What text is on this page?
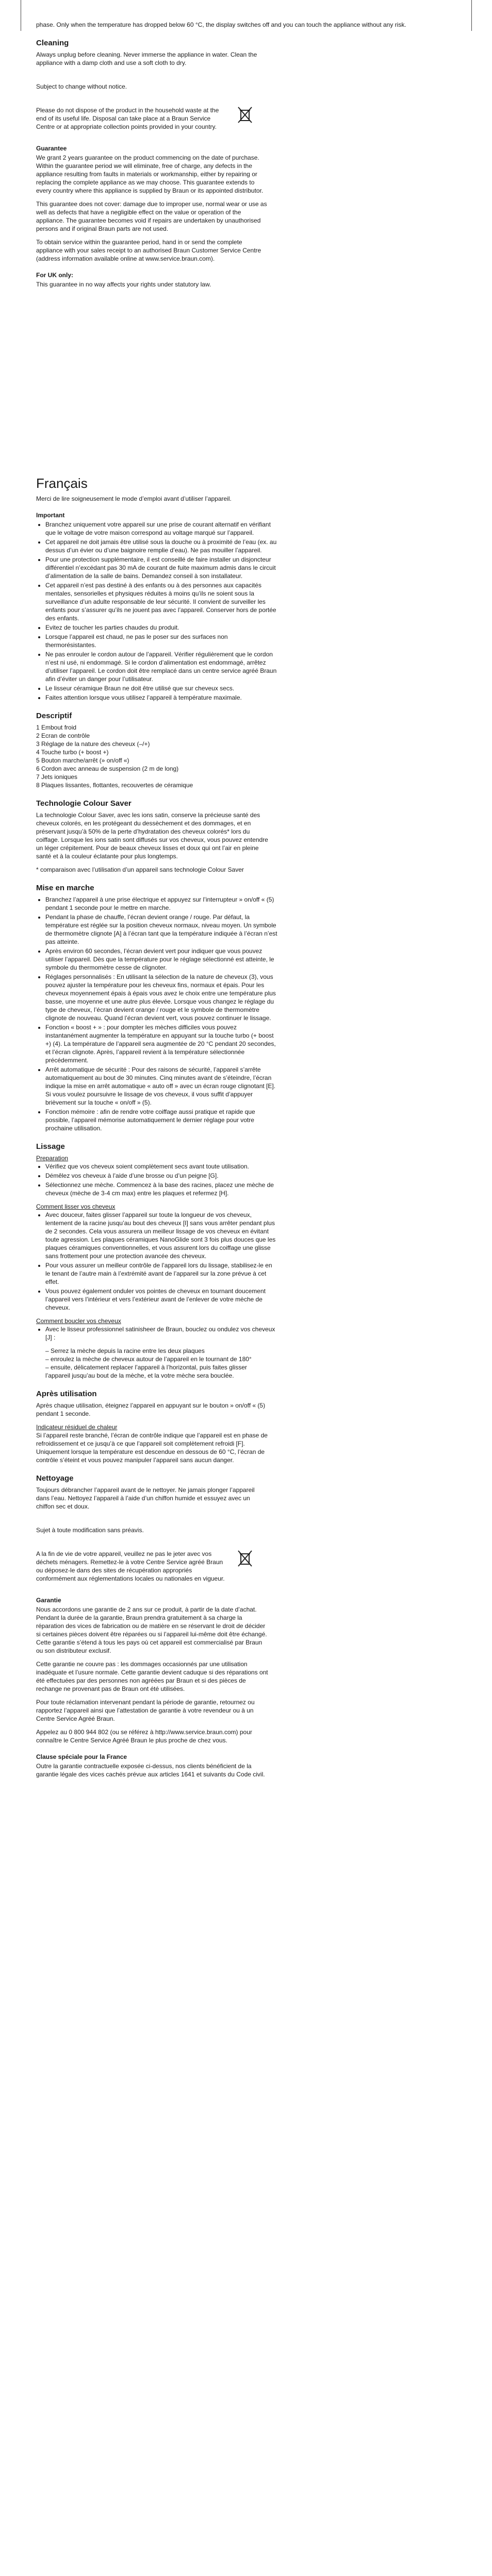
phase. Only when the temperature has dropped below 60 °C, the display switches off and you can touch the appliance without any risk.

Cleaning

Always unplug before cleaning. Never immerse the appliance in water. Clean the appliance with a damp cloth and use a soft cloth to dry.

Subject to change without notice.

Please do not dispose of the product in the household waste at the end of its useful life. Disposal can take place at a Braun Service Centre or at appropriate collection points provided in your country.

Guarantee

We grant 2 years guarantee on the product commencing on the date of purchase. Within the guarantee period we will eliminate, free of charge, any defects in the appliance resulting from faults in materials or workmanship, either by repairing or replacing the complete appliance as we may choose. This guarantee extends to every country where this appliance is supplied by Braun or its appointed distributor.

This guarantee does not cover: damage due to improper use, normal wear or use as well as defects that have a negligible effect on the value or operation of the appliance. The guarantee becomes void if repairs are undertaken by unauthorised persons and if original Braun parts are not used.

To obtain service within the guarantee period, hand in or send the complete appliance with your sales receipt to an authorised Braun Customer Service Centre (address information available online at www.service.braun.com).

For UK only:

This guarantee in no way affects your rights under statutory law.

Français

Merci de lire soigneusement le mode d’emploi avant d’utiliser l’appareil.

Important
• Branchez uniquement votre appareil sur une prise de courant alternatif en vérifiant que le voltage de votre maison correspond au voltage marqué sur l’appareil.
• Cet appareil ne doit jamais être utilisé sous la douche ou à proximité de l’eau (ex. au dessus d’un évier ou d’une baignoire remplie d’eau). Ne pas mouiller l’appareil.
• Pour une protection supplémentaire, il est conseillé de faire installer un disjoncteur différentiel n’excédant pas 30 mA de courant de fuite maximum admis dans le circuit d’alimentation de la salle de bains. Demandez conseil à son installateur.
• Cet appareil n’est pas destiné à des enfants ou à des personnes aux capacités mentales, sensorielles et physiques réduites à moins qu’ils ne soient sous la surveillance d’un adulte responsable de leur sécurité. Il convient de surveiller les enfants pour s’assurer qu’ils ne jouent pas avec l’appareil. Conserver hors de portée des enfants.
• Evitez de toucher les parties chaudes du produit.
• Lorsque l’appareil est chaud, ne pas le poser sur des surfaces non thermorésistantes.
• Ne pas enrouler le cordon autour de l’appareil. Vérifier régulièrement que le cordon n’est ni usé, ni endommagé. Si le cordon d’alimentation est endommagé, arrêtez d’utiliser l’appareil. Le cordon doit être remplacé dans un centre service agréé Braun afin d’éviter un danger pour l’utilisateur.
• Le lisseur céramique Braun ne doit être utilisé que sur cheveux secs.
• Faites attention lorsque vous utilisez l’appareil à température maximale.
Descriptif
1 Embout froid
2 Ecran de contrôle
3 Réglage de la nature des cheveux (–/+)
4 Touche turbo (+ boost +)
5 Bouton marche/arrêt (» on/off «)
6 Cordon avec anneau de suspension (2 m de long)
7 Jets ioniques
8 Plaques lissantes, flottantes, recouvertes de céramique
Technologie Colour Saver

La technologie Colour Saver, avec les ions satin, conserve la précieuse santé des cheveux colorés, en les protégeant du dessèchement et des dommages, et en préservant jusqu’à 50% de la perte d’hydratation des cheveux colorés* lors du coiffage. Lorsque les ions satin sont diffusés sur vos cheveux, vous pouvez entendre un léger crépitement. Pour de beaux cheveux lisses et doux qui ont l’air en pleine santé et à la couleur éclatante pour plus longtemps.

* comparaison avec l’utilisation d’un appareil sans technologie Colour Saver

Mise en marche
• Branchez l’appareil à une prise électrique et appuyez sur l’interrupteur » on/off « (5) pendant 1 seconde pour le mettre en marche.
• Pendant la phase de chauffe, l’écran devient orange / rouge. Par défaut, la température est réglée sur la position cheveux normaux, niveau moyen. Un symbole de thermomètre clignote [A] à l’écran tant que la température indiquée à l’écran n’est pas atteinte.
• Après environ 60 secondes, l’écran devient vert pour indiquer que vous pouvez utiliser l’appareil. Dès que la température pour le réglage sélectionné est atteinte, le symbole du thermomètre cesse de clignoter.
• Réglages personnalisés : En utilisant la sélection de la nature de cheveux (3), vous pouvez ajuster la température pour les cheveux fins, normaux et épais. Pour les cheveux moyennement épais à épais vous avez le choix entre une température plus basse, une moyenne et une autre plus élevée. Lorsque vous changez le réglage du type de cheveux, l’écran devient orange / rouge et le symbole de thermomètre clignote de nouveau. Quand l’écran devient vert, vous pouvez continuer le lissage.
• Fonction « boost + » : pour dompter les mèches difficiles vous pouvez instantanément augmenter la température en appuyant sur la touche turbo (+ boost +) (4). La température de l’appareil sera augmentée de 20 °C pendant 20 secondes, et l’écran clignote. Après, l’appareil revient à la température sélectionnée précédemment.
• Arrêt automatique de sécurité : Pour des raisons de sécurité, l’appareil s’arrête automatiquement au bout de 30 minutes. Cinq minutes avant de s’éteindre, l’écran indique la mise en arrêt automatique « auto off » avec un écran rouge clignotant [E]. Si vous voulez poursuivre le lissage de vos cheveux, il vous suffit d’appuyer brièvement sur la touche « on/off » (5).
• Fonction mémoire : afin de rendre votre coiffage aussi pratique et rapide que possible, l’appareil mémorise automatiquement le dernier réglage pour votre prochaine utilisation.
Lissage
Preparation
• Vérifiez que vos cheveux soient complètement secs avant toute utilisation.
• Démêlez vos cheveux à l’aide d’une brosse ou d’un peigne [G].
• Sélectionnez une mèche. Commencez à la base des racines, placez une mèche de cheveux (mèche de 3-4 cm max) entre les plaques et refermez [H].
Comment lisser vos cheveux
• Avec douceur, faites glisser l’appareil sur toute la longueur de vos cheveux, lentement de la racine jusqu’au bout des cheveux [I] sans vous arrêter pendant plus de 2 secondes. Cela vous assurera un meilleur lissage de vos cheveux en évitant toute agression. Les plaques céramiques NanoGlide sont 3 fois plus douces que les plaques céramiques conventionnelles, et vous assurent lors du coiffage une glisse sans frottement pour une protection avancée des cheveux.
• Pour vous assurer un meilleur contrôle de l’appareil lors du lissage, stabilisez-le en le tenant de l’autre main à l’extrémité avant de l’appareil sur la zone prévue à cet effet.
• Vous pouvez également onduler vos pointes de cheveux en tournant doucement l’appareil vers l’intérieur et vers l’extérieur avant de l’enlever de votre mèche de cheveux.
Comment boucler vos cheveux
• Avec le lisseur professionnel satinisheer de Braun, bouclez ou ondulez vos cheveux [J] :
– Serrez la mèche depuis la racine entre les deux plaques
– enroulez la mèche de cheveux autour de l’appareil en le tournant de 180°
– ensuite, délicatement replacer l’appareil à l’horizontal, puis faites glisser l’appareil jusqu’au bout de la mèche, et la votre mèche sera bouclée.
Après utilisation

Après chaque utilisation, éteignez l’appareil en appuyant sur le bouton » on/off « (5) pendant 1 seconde.

Indicateur résiduel de chaleur

Si l’appareil reste branché, l’écran de contrôle indique que l’appareil est en phase de refroidissement et ce jusqu’à ce que l’appareil soit complètement refroidi [F]. Uniquement lorsque la température est descendue en dessous de 60 °C, l’écran de contrôle s’éteint et vous pouvez manipuler l’appareil sans aucun danger.

Nettoyage

Toujours débrancher l’appareil avant de le nettoyer. Ne jamais plonger l’appareil dans l’eau. Nettoyez l’appareil à l’aide d’un chiffon humide et essuyez avec un chiffon sec et doux.

Sujet à toute modification sans préavis.

A la fin de vie de votre appareil, veuillez ne pas le jeter avec vos déchets ménagers. Remettez-le à votre Centre Service agréé Braun ou déposez-le dans des sites de récupération appropriés conformément aux réglementations locales ou nationales en vigueur.

Garantie

Nous accordons une garantie de 2 ans sur ce produit, à partir de la date d’achat. Pendant la durée de la garantie, Braun prendra gratuitement à sa charge la réparation des vices de fabrication ou de matière en se réservant le droit de décider si certaines pièces doivent être réparées ou si l’appareil lui-même doit être échangé. Cette garantie s’étend à tous les pays où cet appareil est commercialisé par Braun ou son distributeur exclusif.

Cette garantie ne couvre pas : les dommages occasionnés par une utilisation inadéquate et l’usure normale. Cette garantie devient caduque si des réparations ont été effectuées par des personnes non agréées par Braun et si des pièces de rechange ne provenant pas de Braun ont été utilisées.

Pour toute réclamation intervenant pendant la période de garantie, retournez ou rapportez l’appareil ainsi que l’attestation de garantie à votre revendeur ou à un Centre Service Agréé Braun.

Appelez au 0 800 944 802 (ou se référez à http://www.service.braun.com) pour connaître le Centre Service Agréé Braun le plus proche de chez vous.

Clause spéciale pour la France

Outre la garantie contractuelle exposée ci-dessus, nos clients bénéficient de la garantie légale des vices cachés prévue aux articles 1641 et suivants du Code civil.
